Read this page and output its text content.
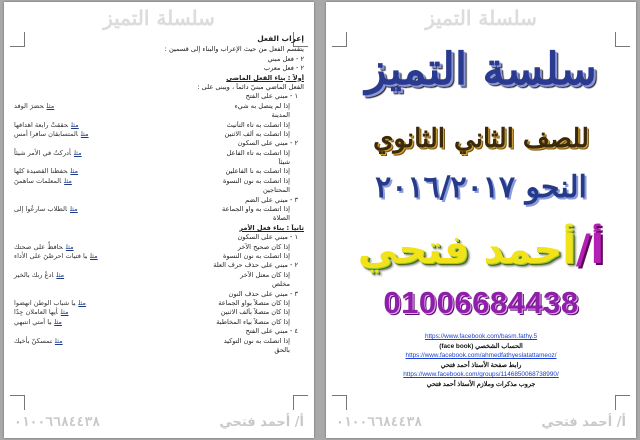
سلسلة التميز
إعراب الفعل
يتقسم الفعل من حيث الإعراب والبناء إلى قسمين :
٢ - فعل مبني
٢ - فعل معرب
أولاً : بناء الفعل الماضي
الفعل الماضي مبنيّ دائماً ، ويبنى على :
١ - مبني على الفتح
إذا لم يتصل به شيء
مثلحضرَ الوفد
المدينة
إذا اتصلت به تاء التأنيث
مثلحققتْ رابعة اهدافها
إذا اتصلت به ألف الاثنين
مثلالمتسابقان سافرا أمس
٢ - مبني على السكون
إذا اتصلت به تاء الفاعل
مثلأدركتُ في الأمر شيئاً
شيئاً
إذا اتصلت به نا الفاعلين
مثلحفظنا القصيدة كلها
إذا اتصلت به نون النسوة
مثلالمعلمات ساهمنَ
المحتاجين
٣ - مبني على الضم
إذا اتصلت به واو الجماعة
مثلالطلاب سارعُوا إلى
الصلاة
ثانياً : بناء فعل الأمر
١ - مبني على السكون
إذا كان صحيح الآخر
مثلحافظْ على صحتك
إذا اتصلت به نون النسوة
مثليا فتيات احرصْنَ على الأداء
٢ - مبني على حذف حرف العلة
إذا كان معتل الآخر
مثلادعُ ربك بالخير
مخلص
٣ - مبني على حذف النون
إذا كان متصلاً بواو الجماعة
مثليا شباب الوطن انهضوا
إذا كان متصلاً بألف الاثنين
مثلأيها العاملان جِدّا
إذا كان متصلاً بياء المخاطبة
مثليا أمتي انتبهي
٤ - مبني على الفتح
إذا اتصلت به نون التوكيد
مثلتمسكنّ بأخيك
بالحق
٠١٠٠٦٦٨٤٤٣٨	أ/ أحمد فتحي
سلسلة التميز
سلسة التميز
للصف الثاني الثانوي
النحو ٢٠١٦/٢٠١٧
أ/أحمد فتحي
01006684438
https://www.facebook.com/basm.fathy.5
الحساب الشخصي (face book)
https://www.facebook.com/ahmedfathyeslatattameoz/
رابط صفحة الأستاذ أحمد فتحي
https://www.facebook.com/groups/1146850068738990/
جروب مذكرات وملازم الأستاذ أحمد فتحي
٠١٠٠٦٦٨٤٤٣٨	أ/ أحمد فتحي
